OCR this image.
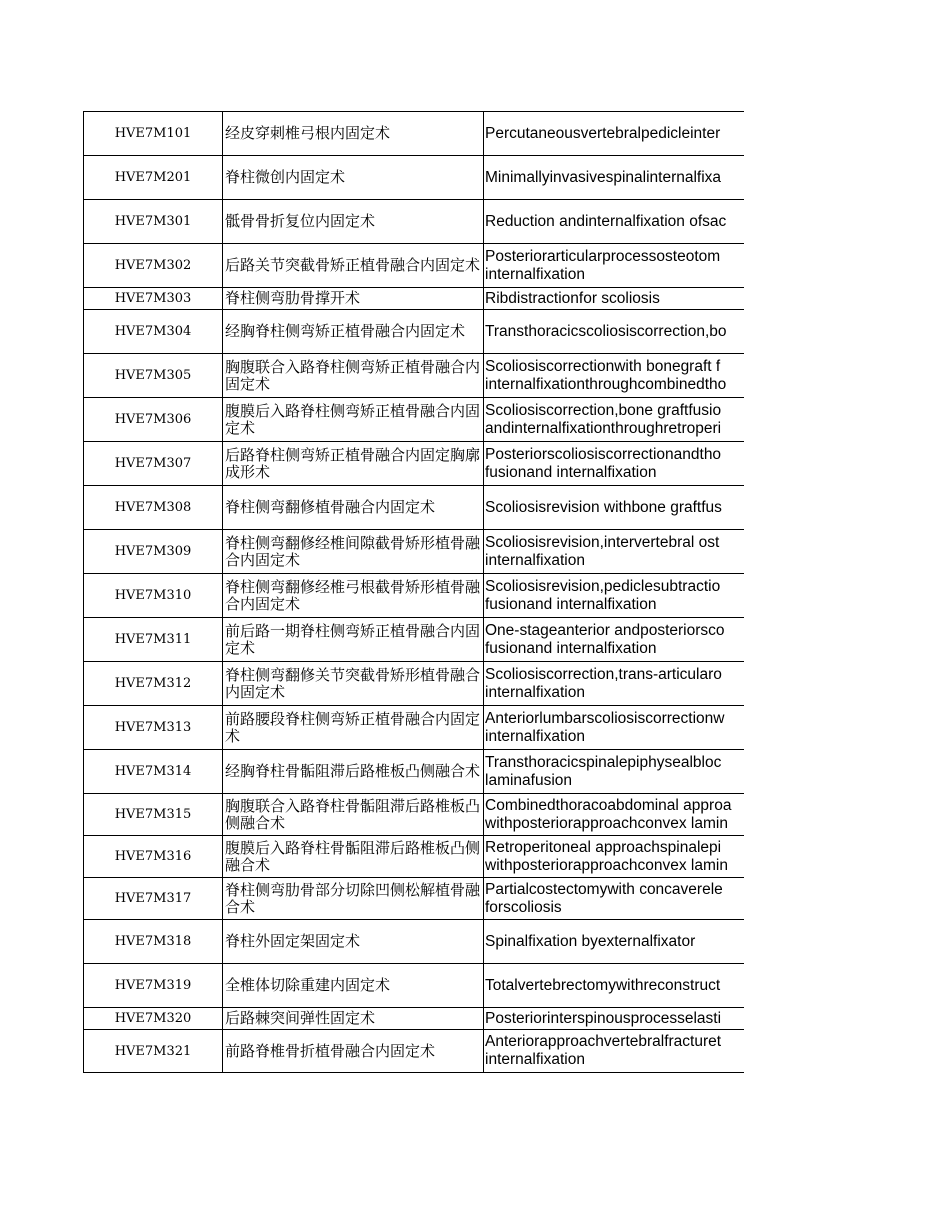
HVE7M101	经皮穿刺椎弓根内固定术	Percutaneousvertebralpedicleinter

HVE7M201	脊柱微创内固定术	Minimallyinvasivespinalinternalfixa

HVE7M301	骶骨骨折复位内固定术	Reduction andinternalfixation ofsac

HVE7M302	后路关节突截骨矫正植骨融合内固定术	Posteriorarticularprocessosteotom
internalfixation

HVE7M303	脊柱侧弯肋骨撑开术	Ribdistractionfor scoliosis

HVE7M304	经胸脊柱侧弯矫正植骨融合内固定术	Transthoracicscoliosiscorrection,bo

HVE7M305	胸腹联合入路脊柱侧弯矫正植骨融合内固定术	Scoliosiscorrectionwith bonegraft f
internalfixationthroughcombinedtho

HVE7M306	腹膜后入路脊柱侧弯矫正植骨融合内固定术	Scoliosiscorrection,bone graftfusio
andinternalfixationthroughretroperi

HVE7M307	后路脊柱侧弯矫正植骨融合内固定胸廓成形术	Posteriorscoliosiscorrectionandtho
fusionand internalfixation

HVE7M308	脊柱侧弯翻修植骨融合内固定术	Scoliosisrevision withbone graftfus

HVE7M309	脊柱侧弯翻修经椎间隙截骨矫形植骨融合内固定术	Scoliosisrevision,intervertebral ost
internalfixation

HVE7M310	脊柱侧弯翻修经椎弓根截骨矫形植骨融合内固定术	Scoliosisrevision,pediclesubtractio
fusionand internalfixation

HVE7M311	前后路一期脊柱侧弯矫正植骨融合内固定术	One-stageanterior andposteriorsco
fusionand internalfixation

HVE7M312	脊柱侧弯翻修关节突截骨矫形植骨融合内固定术	Scoliosiscorrection,trans-articularo
internalfixation

HVE7M313	前路腰段脊柱侧弯矫正植骨融合内固定术	Anteriorlumbarscoliosiscorrectionw
internalfixation

HVE7M314	经胸脊柱骨骺阻滞后路椎板凸侧融合术	Transthoracicspinalepiphysealbloc
laminafusion

HVE7M315	胸腹联合入路脊柱骨骺阻滞后路椎板凸侧融合术	Combinedthoracoabdominal approa
withposteriorapproachconvex lamin

HVE7M316	腹膜后入路脊柱骨骺阻滞后路椎板凸侧融合术	Retroperitoneal approachspinalepi
withposteriorapproachconvex lamin

HVE7M317	脊柱侧弯肋骨部分切除凹侧松解植骨融合术	Partialcostectomywith concaverele
forscoliosis

HVE7M318	脊柱外固定架固定术	Spinalfixation byexternalfixator

HVE7M319	全椎体切除重建内固定术	Totalvertebrectomywithreconstruct

HVE7M320	后路棘突间弹性固定术	Posteriorinterspinousprocesselasti

HVE7M321	前路脊椎骨折植骨融合内固定术	Anteriorapproachvertebralfracturet
internalfixation
